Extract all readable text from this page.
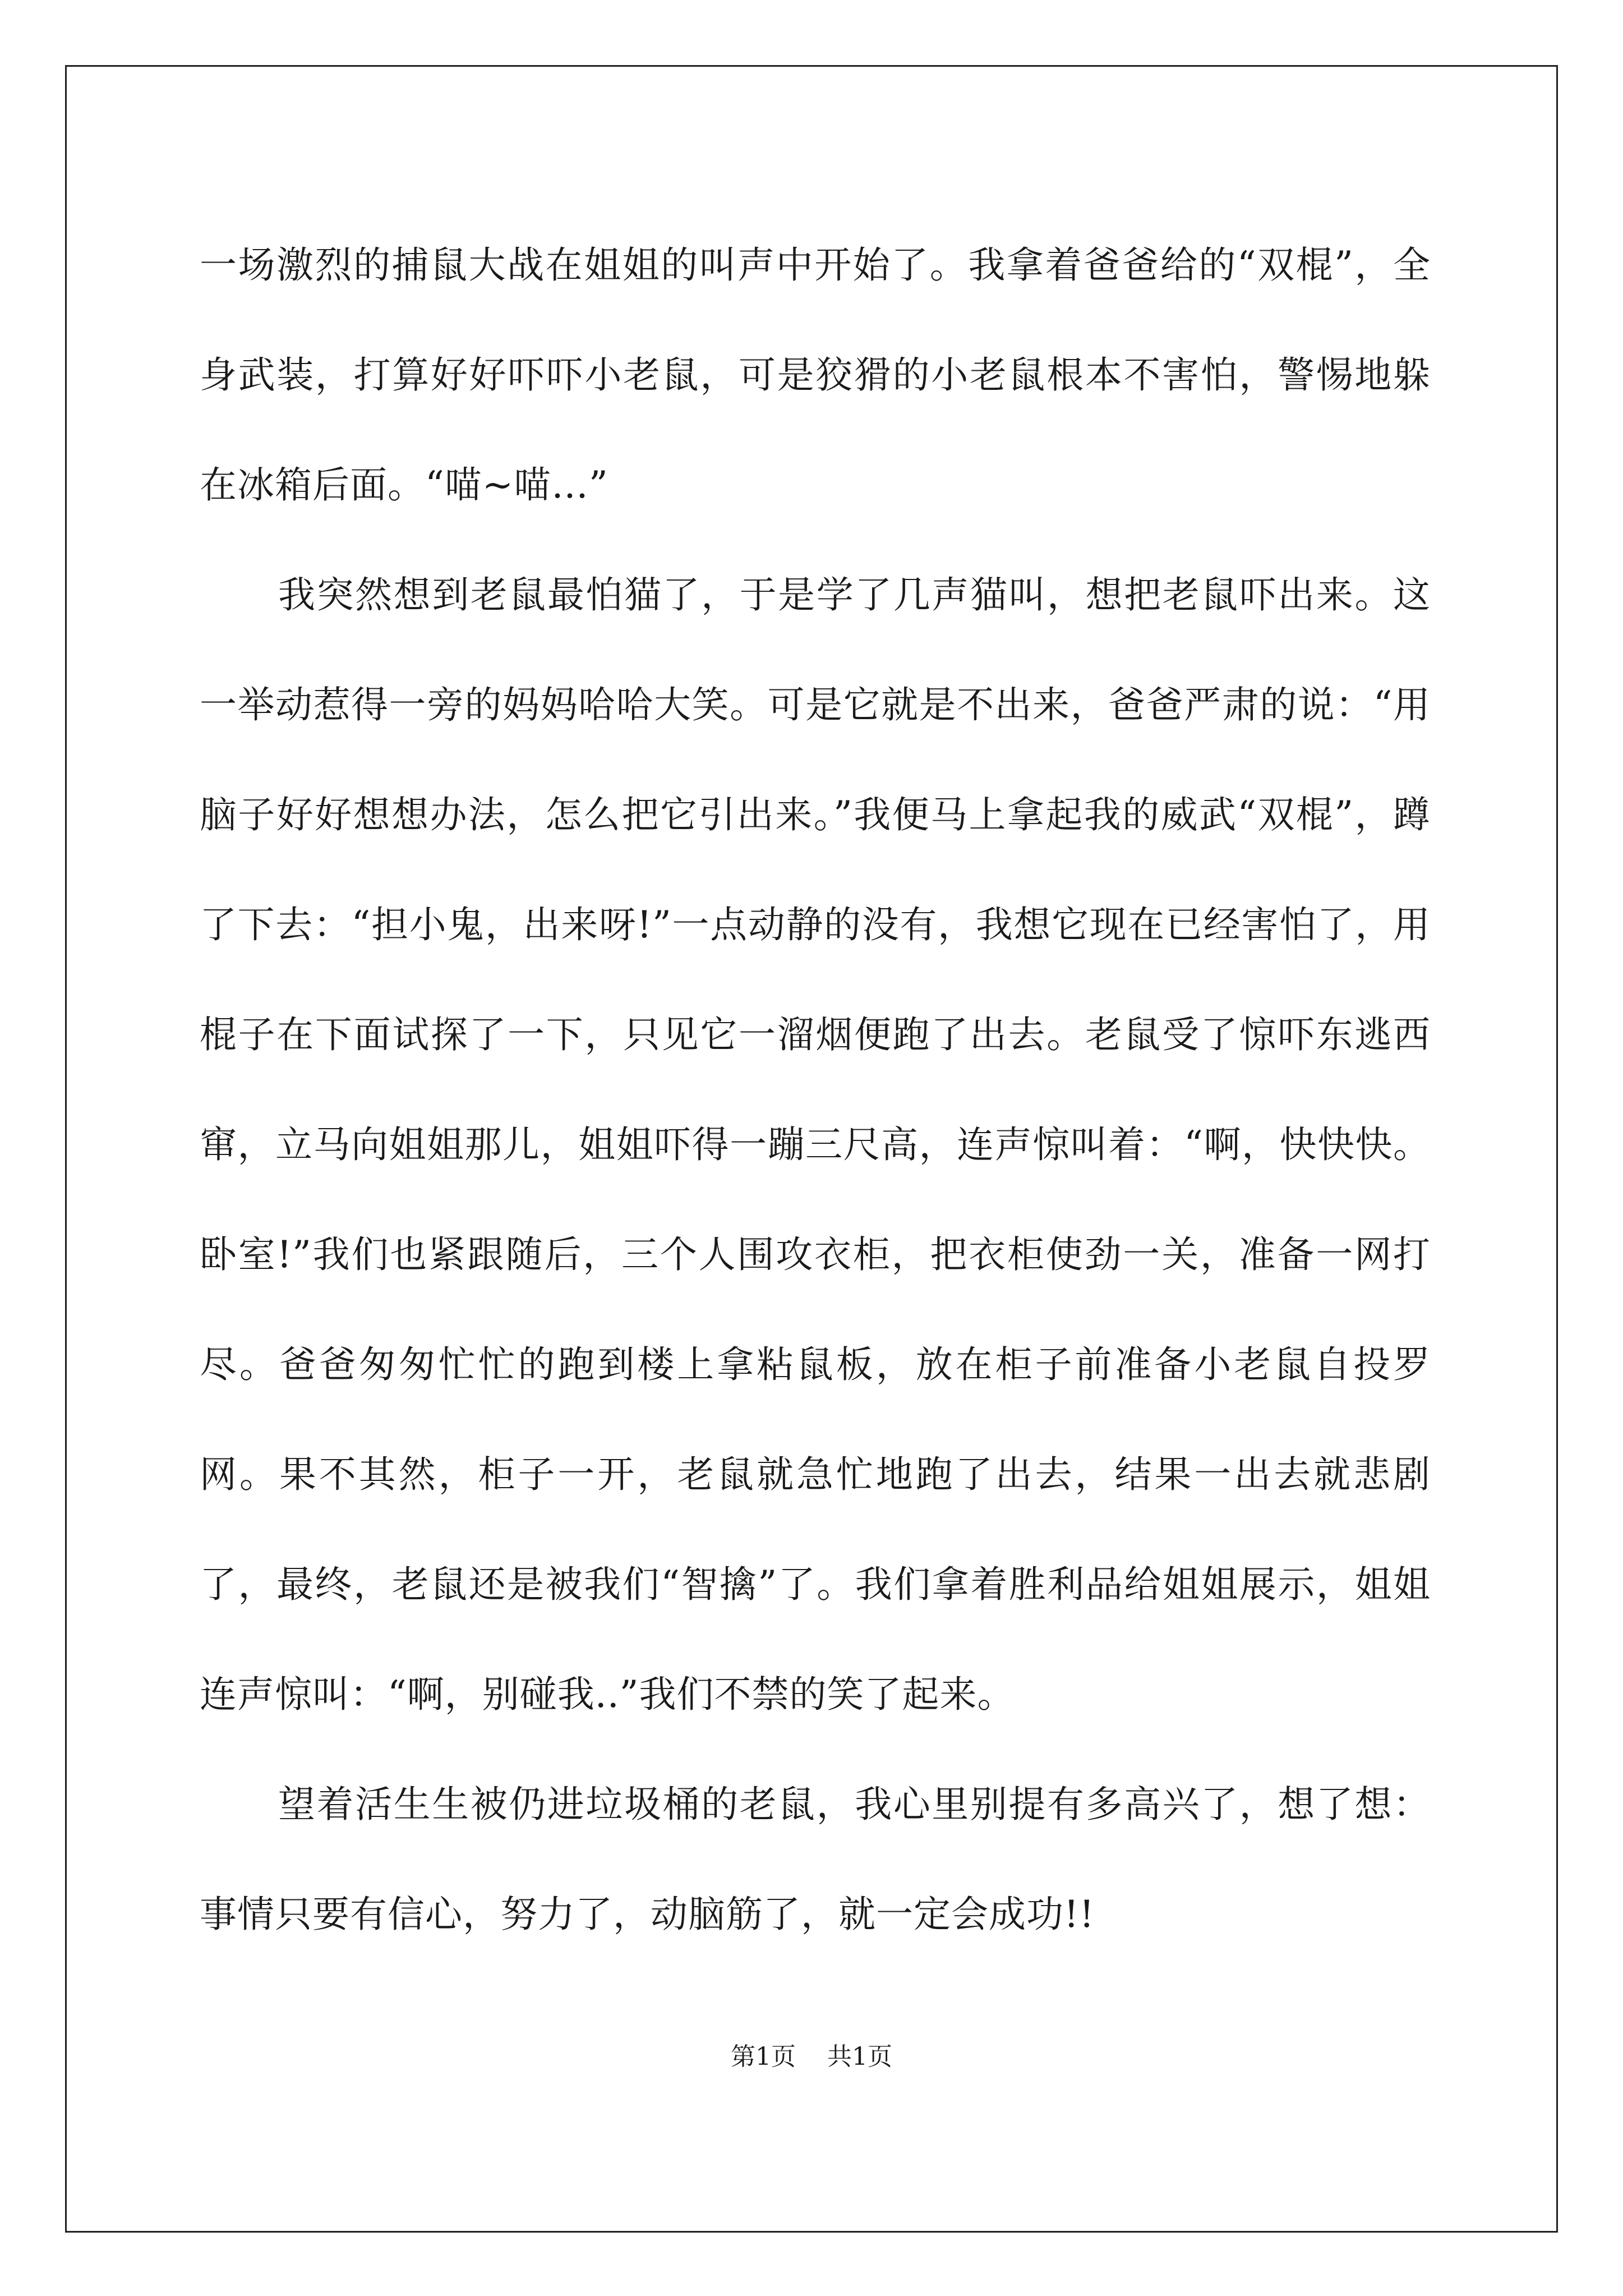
一场激烈的捕鼠大战在姐姐的叫声中开始了。我拿着爸爸给的“双棍”，全身武装，打算好好吓吓小老鼠，可是狡猾的小老鼠根本不害怕，警惕地躲在冰箱后面。“喵~喵…”

我突然想到老鼠最怕猫了，于是学了几声猫叫，想把老鼠吓出来。这一举动惹得一旁的妈妈哈哈大笑。可是它就是不出来，爸爸严肃的说：“用脑子好好想想办法，怎么把它引出来。”我便马上拿起我的威武“双棍”，蹲了下去：“担小鬼，出来呀!”一点动静的没有，我想它现在已经害怕了，用棍子在下面试探了一下，只见它一溜烟便跑了出去。老鼠受了惊吓东逃西窜，立马向姐姐那儿，姐姐吓得一蹦三尺高，连声惊叫着：“啊，快快快。卧室!”我们也紧跟随后，三个人围攻衣柜，把衣柜使劲一关，准备一网打尽。爸爸匆匆忙忙的跑到楼上拿粘鼠板，放在柜子前准备小老鼠自投罗网。果不其然，柜子一开，老鼠就急忙地跑了出去，结果一出去就悲剧了，最终，老鼠还是被我们“智擒”了。我们拿着胜利品给姐姐展示，姐姐连声惊叫：“啊，别碰我..”我们不禁的笑了起来。

望着活生生被仍进垃圾桶的老鼠，我心里别提有多高兴了，想了想：事情只要有信心，努力了，动脑筋了，就一定会成功!!

第1页 共1页
